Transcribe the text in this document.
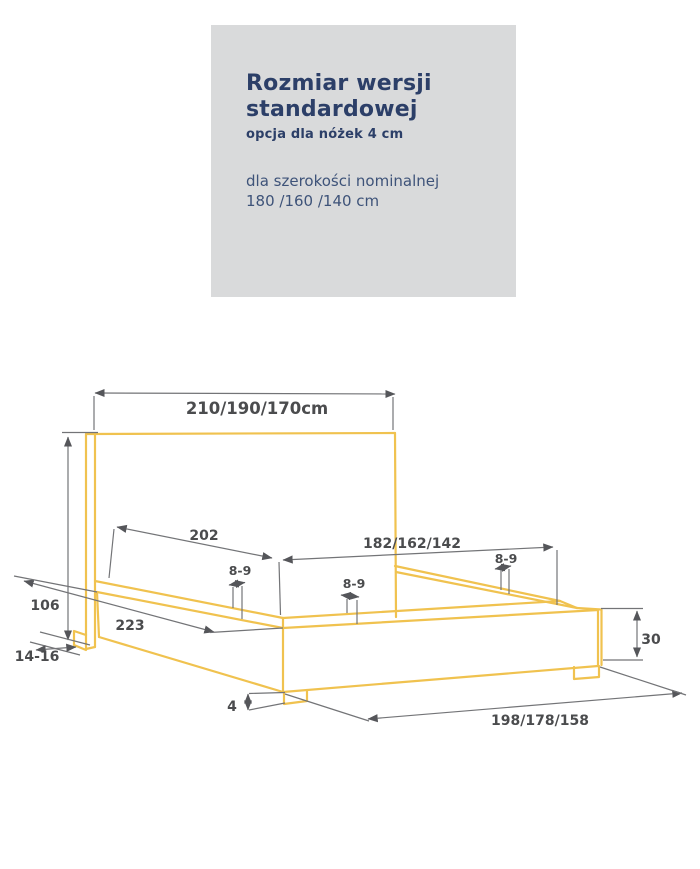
Rozmiar wersji standardowej
opcja dla nóżek 4 cm
dla szerokości nominalnej
180 /160 /140 cm
210/190/170cm
106
202	182/162/142
8-9
8-9
8-9
223
14-16
30
4
198/178/158
